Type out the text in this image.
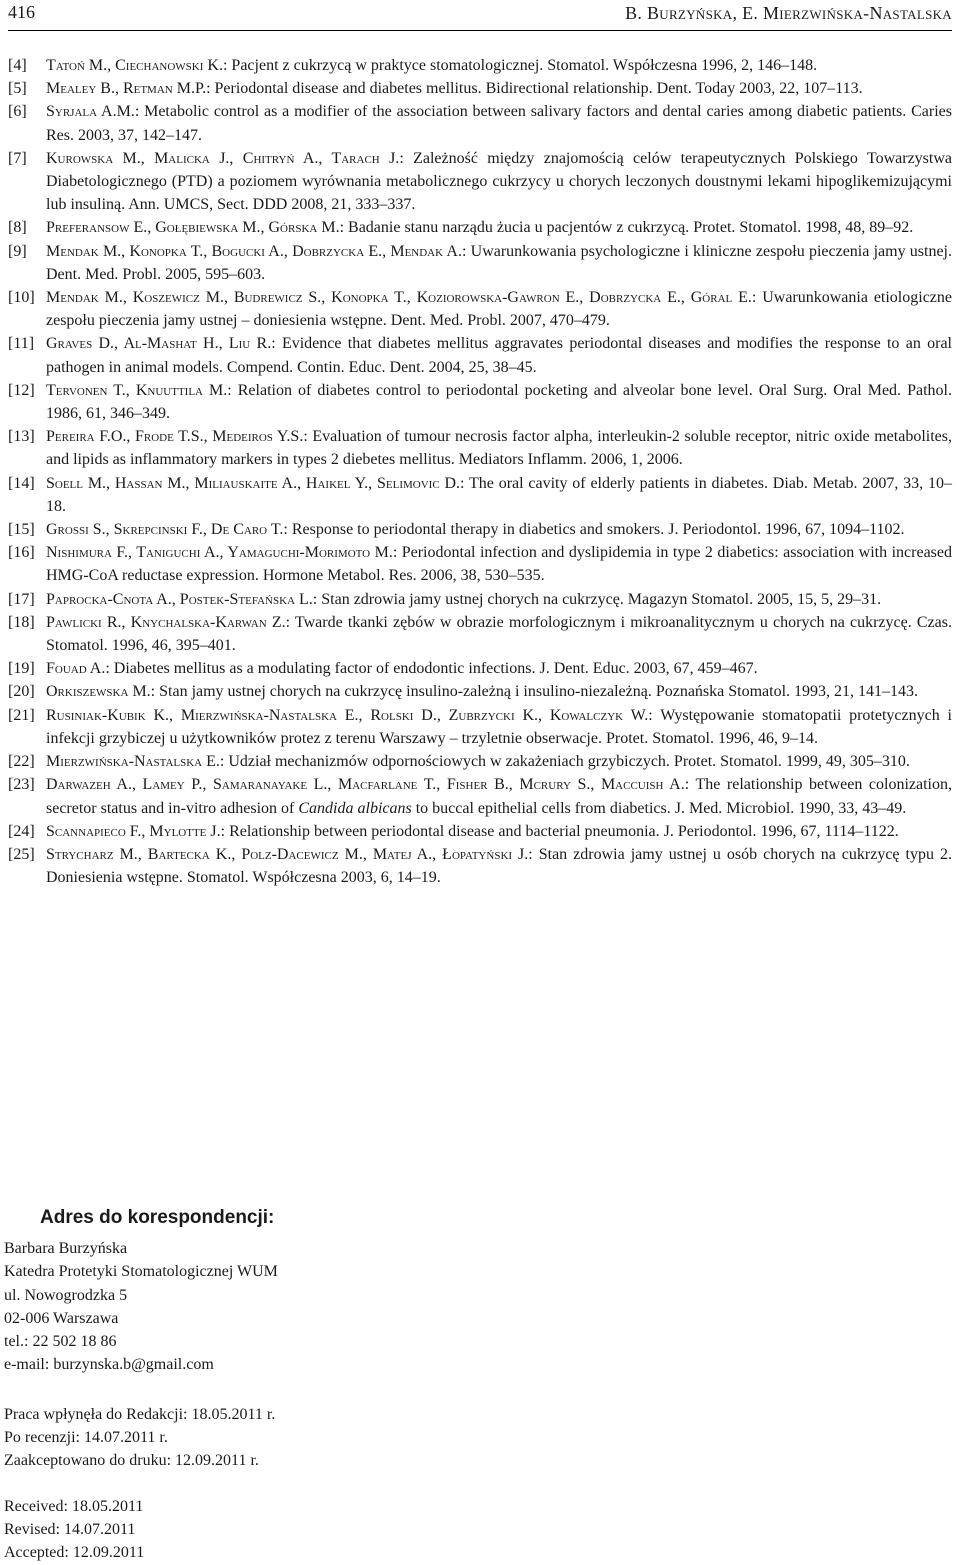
416	B. Burzyńska, E. Mierzwińska-Nastalska
[ 4 ]	Tatoń M., Ciechanowski K.: Pacjent z cukrzycą w praktyce stomatologicznej. Stomatol. Współczesna 1996, 2, 146–148.
[ 5 ]	Mealey B., Retman M.P.: Periodontal disease and diabetes mellitus. Bidirectional relationship. Dent. Today 2003, 22, 107–113.
[ 6 ]	Syrjala A.M.: Metabolic control as a modifier of the association between salivary factors and dental caries among diabetic patients. Caries Res. 2003, 37, 142–147.
[ 7 ]	Kurowska M., Malicka J., Chitryń A., Tarach J.: Zależność między znajomością celów terapeutycznych Polskiego Towarzystwa Diabetologicznego (PTD) a poziomem wyrównania metabolicznego cukrzycy u chorych leczonych doustnymi lekami hipoglikemizującymi lub insuliną. Ann. UMCS, Sect. DDD 2008, 21, 333–337.
[ 8 ]	Preferansow E., Gołębiewska M., Górska M.: Badanie stanu narządu żucia u pacjentów z cukrzycą. Protet. Stomatol. 1998, 48, 89–92.
[ 9 ]	Mendak M., Konopka T., Bogucki A., Dobrzycka E., Mendak A.: Uwarunkowania psychologiczne i kliniczne zespołu pieczenia jamy ustnej. Dent. Med. Probl. 2005, 595–603.
[ 10 ]	Mendak M., Koszewicz M., Budrewicz S., Konopka T., Koziorowska-Gawron E., Dobrzycka E., Góral E.: Uwarunkowania etiologiczne zespołu pieczenia jamy ustnej – doniesienia wstępne. Dent. Med. Probl. 2007, 470–479.
[ 11 ]	Graves D., Al-Mashat H., Liu R.: Evidence that diabetes mellitus aggravates periodontal diseases and modifies the response to an oral pathogen in animal models. Compend. Contin. Educ. Dent. 2004, 25, 38–45.
[ 12 ]	Tervonen T., Knuuttila M.: Relation of diabetes control to periodontal pocketing and alveolar bone level. Oral Surg. Oral Med. Pathol. 1986, 61, 346–349.
[ 13 ]	Pereira F.O., Frode T.S., Medeiros Y.S.: Evaluation of tumour necrosis factor alpha, interleukin-2 soluble receptor, nitric oxide metabolites, and lipids as inflammatory markers in types 2 diebetes mellitus. Mediators Inflamm. 2006, 1, 2006.
[ 14 ]	Soell M., Hassan M., Miliauskaite A., Haikel Y., Selimovic D.: The oral cavity of elderly patients in diabetes. Diab. Metab. 2007, 33, 10–18.
[ 15 ]	Grossi S., Skrepcinski F., De Caro T.: Response to periodontal therapy in diabetics and smokers. J. Periodontol. 1996, 67, 1094–1102.
[ 16 ]	Nishimura F., Taniguchi A., Yamaguchi-Morimoto M.: Periodontal infection and dyslipidemia in type 2 diabetics: association with increased HMG-CoA reductase expression. Hormone Metabol. Res. 2006, 38, 530–535.
[ 17 ]	Paprocka-Cnota A., Postek-Stefańska L.: Stan zdrowia jamy ustnej chorych na cukrzycę. Magazyn Stomatol. 2005, 15, 5, 29–31.
[ 18 ]	Pawlicki R., Knychalska-Karwan Z.: Twarde tkanki zębów w obrazie morfologicznym i mikroanalitycznym u chorych na cukrzycę. Czas. Stomatol. 1996, 46, 395–401.
[ 19 ]	Fouad A.: Diabetes mellitus as a modulating factor of endodontic infections. J. Dent. Educ. 2003, 67, 459–467.
[ 20 ]	Orkiszewska M.: Stan jamy ustnej chorych na cukrzycę insulino-zależną i insulino-niezależną. Poznańska Stomatol. 1993, 21, 141–143.
[ 21 ]	Rusiniak-Kubik K., Mierzwińska-Nastalska E., Rolski D., Zubrzycki K., Kowalczyk W.: Występowanie stomatopatii protetycznych i infekcji grzybiczej u użytkowników protez z terenu Warszawy – trzyletnie obserwacje. Protet. Stomatol. 1996, 46, 9–14.
[ 22 ]	Mierzwińska-Nastalska E.: Udział mechanizmów odpornościowych w zakażeniach grzybiczych. Protet. Stomatol. 1999, 49, 305–310.
[ 23 ]	Darwazeh A., Lamey P., Samaranayake L., Macfarlane T., Fisher B., Mcrury S., Maccuish A.: The relationship between colonization, secretor status and in-vitro adhesion of Candida albicans to buccal epithelial cells from diabetics. J. Med. Microbiol. 1990, 33, 43–49.
[ 24 ]	Scannapieco F., Mylotte J.: Relationship between periodontal disease and bacterial pneumonia. J. Periodontol. 1996, 67, 1114–1122.
[ 25 ]	Strycharz M., Bartecka K., Polz-Dacewicz M., Matej A., Łopatyński J.: Stan zdrowia jamy ustnej u osób chorych na cukrzycę typu 2. Doniesienia wstępne. Stomatol. Współczesna 2003, 6, 14–19.
Adres do korespondencji:
Barbara Burzyńska
Katedra Protetyki Stomatologicznej WUM
ul. Nowogrodzka 5
02-006 Warszawa
tel.: 22 502 18 86
e-mail: burzynska.b@gmail.com
Praca wpłynęła do Redakcji: 18.05.2011 r.
Po recenzji: 14.07.2011 r.
Zaakceptowano do druku: 12.09.2011 r.
Received: 18.05.2011
Revised: 14.07.2011
Accepted: 12.09.2011
